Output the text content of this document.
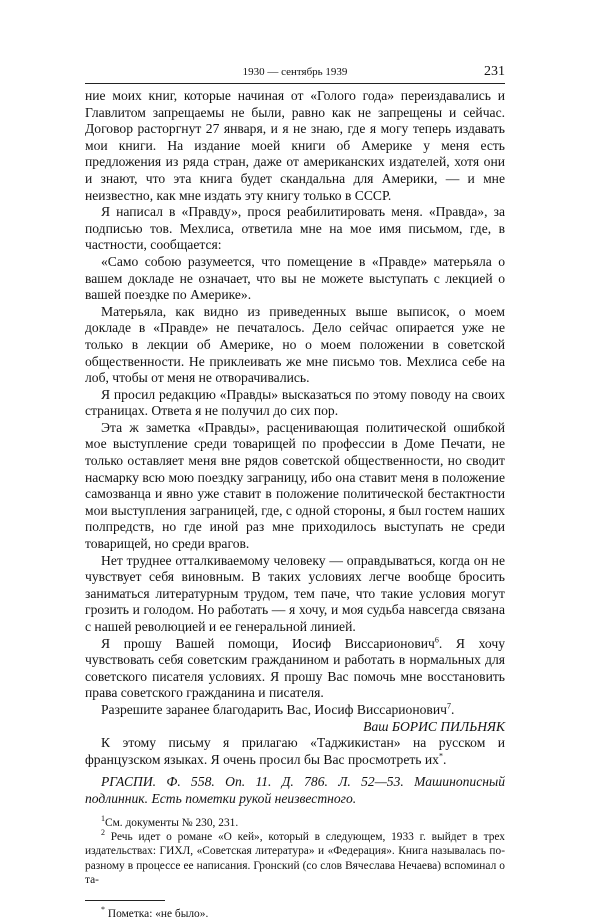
1930 — сентябрь 1939	231

ние моих книг, которые начиная от «Голого года» переиздавались и Главлитом запрещаемы не были, равно как не запрещены и сейчас. Договор расторгнут 27 января, и я не знаю, где я могу теперь издавать мои книги. На издание моей книги об Америке у меня есть предложения из ряда стран, даже от американских издателей, хотя они и знают, что эта книга будет скандальна для Америки, — и мне неизвестно, как мне издать эту книгу только в СССР.

Я написал в «Правду», прося реабилитировать меня. «Правда», за подписью тов. Мехлиса, ответила мне на мое имя письмом, где, в частности, сообщается:

«Само собою разумеется, что помещение в «Правде» матерьяла о вашем докладе не означает, что вы не можете выступать с лекцией о вашей поездке по Америке».

Матерьяла, как видно из приведенных выше выписок, о моем докладе в «Правде» не печаталось. Дело сейчас опирается уже не только в лекции об Америке, но о моем положении в советской общественности. Не приклеивать же мне письмо тов. Мехлиса себе на лоб, чтобы от меня не отворачивались.

Я просил редакцию «Правды» высказаться по этому поводу на своих страницах. Ответа я не получил до сих пор.

Эта ж заметка «Правды», расценивающая политической ошибкой мое выступление среди товарищей по профессии в Доме Печати, не только оставляет меня вне рядов советской общественности, но сводит насмарку всю мою поездку заграницу, ибо она ставит меня в положение самозванца и явно уже ставит в положение политической бестактности мои выступления заграницей, где, с одной стороны, я был гостем наших полпредств, но где иной раз мне приходилось выступать не среди товарищей, но среди врагов.

Нет труднее отталкиваемому человеку — оправдываться, когда он не чувствует себя виновным. В таких условиях легче вообще бросить заниматься литературным трудом, тем паче, что такие условия могут грозить и голодом. Но работать — я хочу, и моя судьба навсегда связана с нашей революцией и ее генеральной линией.

Я прошу Вашей помощи, Иосиф Виссарионович$^6$. Я хочу чувствовать себя советским гражданином и работать в нормальных для советского писателя условиях. Я прошу Вас помочь мне восстановить права советского гражданина и писателя.

Разрешите заранее благодарить Вас, Иосиф Виссарионович$^7$.

Ваш БОРИС ПИЛЬНЯК

К этому письму я прилагаю «Таджикистан» на русском и французском языках. Я очень просил бы Вас просмотреть их*.

РГАСПИ. Ф. 558. Оп. 11. Д. 786. Л. 52—53. Машинописный подлинник. Есть пометки рукой неизвестного.

$^1$См. документы № 230, 231.

$^2$ Речь идет о романе «О кей», который в следующем, 1933 г. выйдет в трех издательствах: ГИХЛ, «Советская литература» и «Федерация». Книга называлась по-разному в процессе ее написания. Гронский (со слов Вячеслава Нечаева) вспоминал о та-

* Пометка: «не было».
